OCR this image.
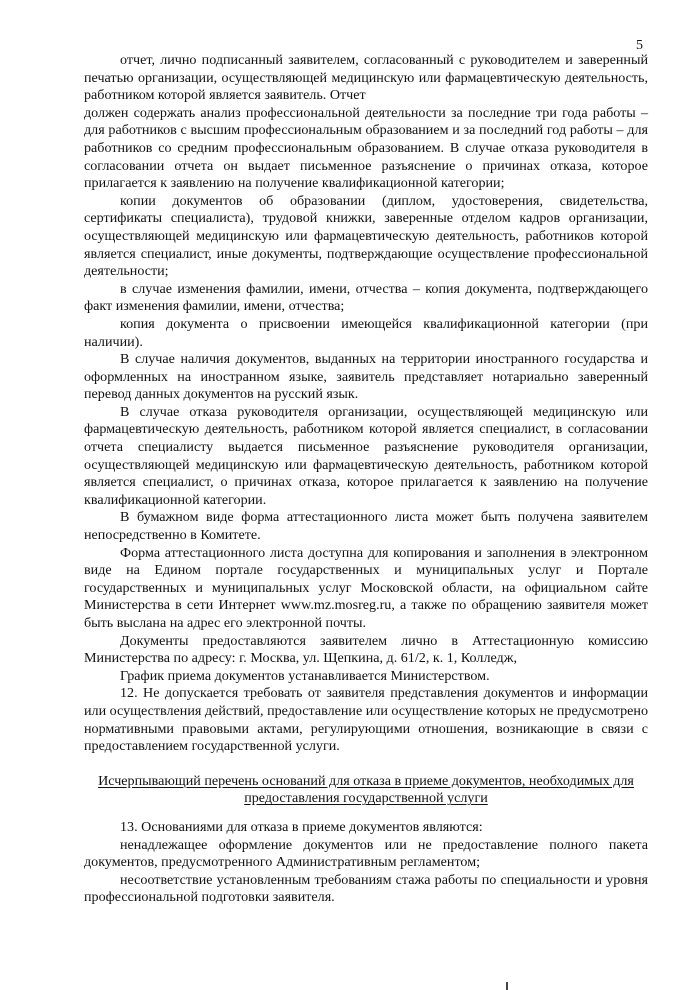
5

отчет, лично подписанный заявителем, согласованный с руководителем и заверенный печатью организации, осуществляющей медицинскую или фармацевтическую деятельность, работником которой является заявитель. Отчет

должен содержать анализ профессиональной деятельности за последние три года работы – для работников с высшим профессиональным образованием и за последний год работы – для работников со средним профессиональным образованием. В случае отказа руководителя в согласовании отчета он выдает письменное разъяснение о причинах отказа, которое прилагается к заявлению на получение квалификационной категории;

копии документов об образовании (диплом, удостоверения, свидетельства, сертификаты специалиста), трудовой книжки, заверенные отделом кадров организации, осуществляющей медицинскую или фармацевтическую деятельность, работников которой является специалист, иные документы, подтверждающие осуществление профессиональной деятельности;

в случае изменения фамилии, имени, отчества – копия документа, подтверждающего факт изменения фамилии, имени, отчества;

копия документа о присвоении имеющейся квалификационной категории (при наличии).

В случае наличия документов, выданных на территории иностранного государства и оформленных на иностранном языке, заявитель представляет нотариально заверенный перевод данных документов на русский язык.

В случае отказа руководителя организации, осуществляющей медицинскую или фармацевтическую деятельность, работником которой является специалист, в согласовании отчета специалисту выдается письменное разъяснение руководителя организации, осуществляющей медицинскую или фармацевтическую деятельность, работником которой является специалист, о причинах отказа, которое прилагается к заявлению на получение квалификационной категории.

В бумажном виде форма аттестационного листа может быть получена заявителем непосредственно в Комитете.

Форма аттестационного листа доступна для копирования и заполнения в электронном виде на Едином портале государственных и муниципальных услуг и Портале государственных и муниципальных услуг Московской области, на официальном сайте Министерства в сети Интернет www.mz.mosreg.ru, а также по обращению заявителя может быть выслана на адрес его электронной почты.

Документы предоставляются заявителем лично в Аттестационную комиссию Министерства по адресу: г. Москва, ул. Щепкина, д. 61/2, к. 1, Колледж,

График приема документов устанавливается Министерством.

12. Не допускается требовать от заявителя представления документов и информации или осуществления действий, предоставление или осуществление которых не предусмотрено нормативными правовыми актами, регулирующими отношения, возникающие в связи с предоставлением государственной услуги.

Исчерпывающий перечень оснований для отказа в приеме документов, необходимых для предоставления государственной услуги

13. Основаниями для отказа в приеме документов являются:

ненадлежащее оформление документов или не предоставление полного пакета документов, предусмотренного Административным регламентом;

несоответствие установленным требованиям стажа работы по специальности и уровня профессиональной подготовки заявителя.
